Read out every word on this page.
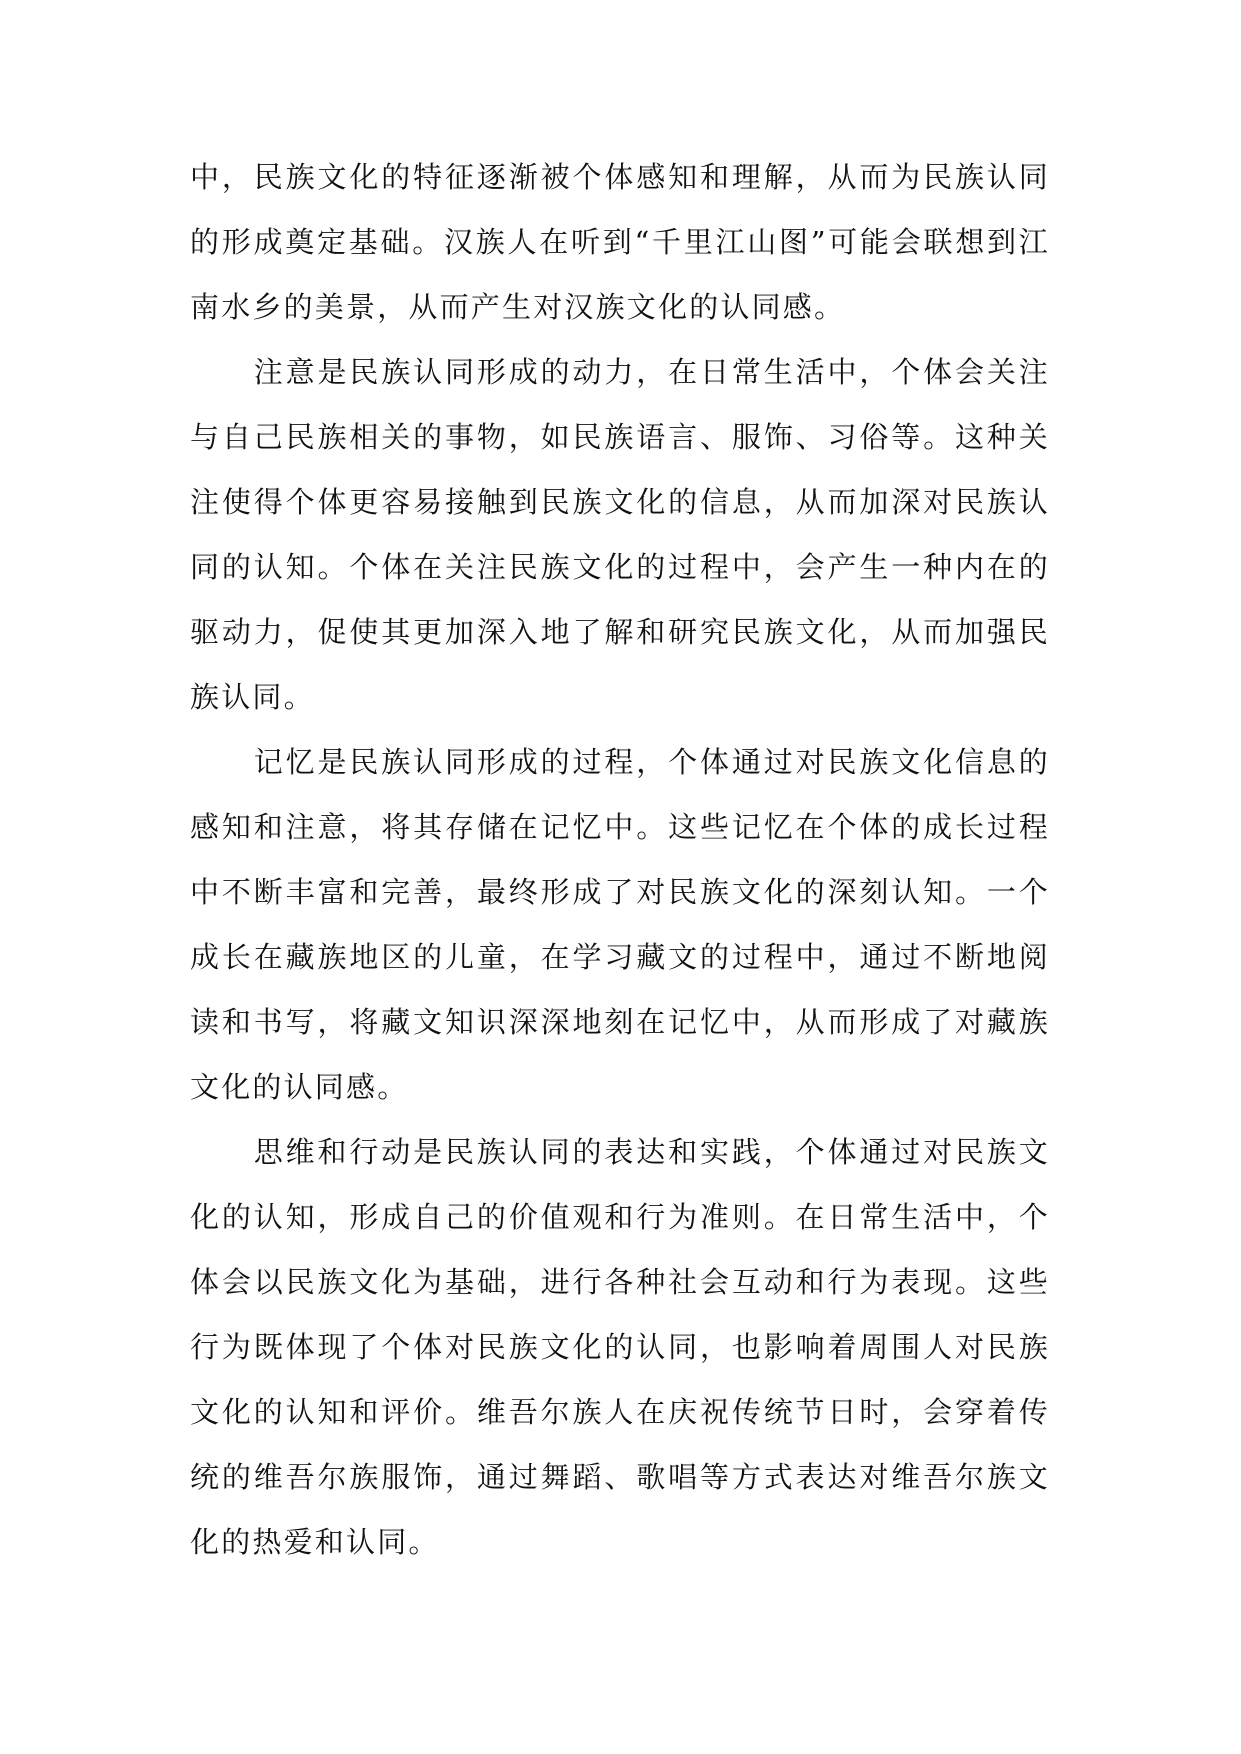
中，民族文化的特征逐渐被个体感知和理解，从而为民族认同的形成奠定基础。汉族人在听到“千里江山图”可能会联想到江南水乡的美景，从而产生对汉族文化的认同感。

注意是民族认同形成的动力，在日常生活中，个体会关注与自己民族相关的事物，如民族语言、服饰、习俗等。这种关注使得个体更容易接触到民族文化的信息，从而加深对民族认同的认知。个体在关注民族文化的过程中，会产生一种内在的驱动力，促使其更加深入地了解和研究民族文化，从而加强民族认同。

记忆是民族认同形成的过程，个体通过对民族文化信息的感知和注意，将其存储在记忆中。这些记忆在个体的成长过程中不断丰富和完善，最终形成了对民族文化的深刻认知。一个成长在藏族地区的儿童，在学习藏文的过程中，通过不断地阅读和书写，将藏文知识深深地刻在记忆中，从而形成了对藏族文化的认同感。

思维和行动是民族认同的表达和实践，个体通过对民族文化的认知，形成自己的价值观和行为准则。在日常生活中，个体会以民族文化为基础，进行各种社会互动和行为表现。这些行为既体现了个体对民族文化的认同，也影响着周围人对民族文化的认知和评价。维吾尔族人在庆祝传统节日时，会穿着传统的维吾尔族服饰，通过舞蹈、歌唱等方式表达对维吾尔族文化的热爱和认同。
